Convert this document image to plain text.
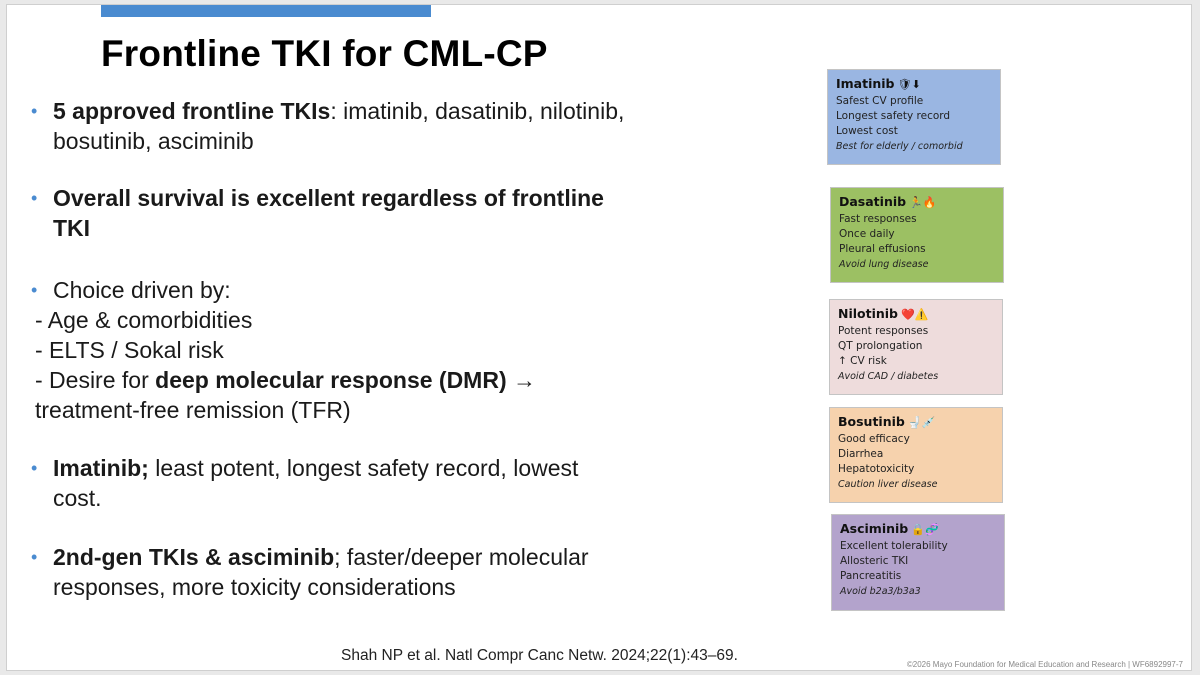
Frontline TKI for CML-CP
• 5 approved frontline TKIs: imatinib, dasatinib, nilotinib,
bosutinib, asciminib
• Overall survival is excellent regardless of frontline
TKI
• Choice driven by:
- Age & comorbidities
- ELTS / Sokal risk
- Desire for deep molecular response (DMR) →
treatment-free remission (TFR)
• Imatinib; least potent, longest safety record, lowest
cost.
• 2nd-gen TKIs & asciminib; faster/deeper molecular
responses, more toxicity considerations
Imatinib 🛡⬇
Safest CV profile
Longest safety record
Lowest cost
Best for elderly / comorbid
Dasatinib 🏃🔥
Fast responses
Once daily
Pleural effusions
Avoid lung disease
Nilotinib ❤️⚠️
Potent responses
QT prolongation
↑ CV risk
Avoid CAD / diabetes
Bosutinib 🚽💉
Good efficacy
Diarrhea
Hepatotoxicity
Caution liver disease
Asciminib 🔒🧬
Excellent tolerability
Allosteric TKI
Pancreatitis
Avoid b2a3/b3a3
Shah NP et al. Natl Compr Canc Netw. 2024;22(1):43–69.
©2026 Mayo Foundation for Medical Education and Research | WF6892997-7
